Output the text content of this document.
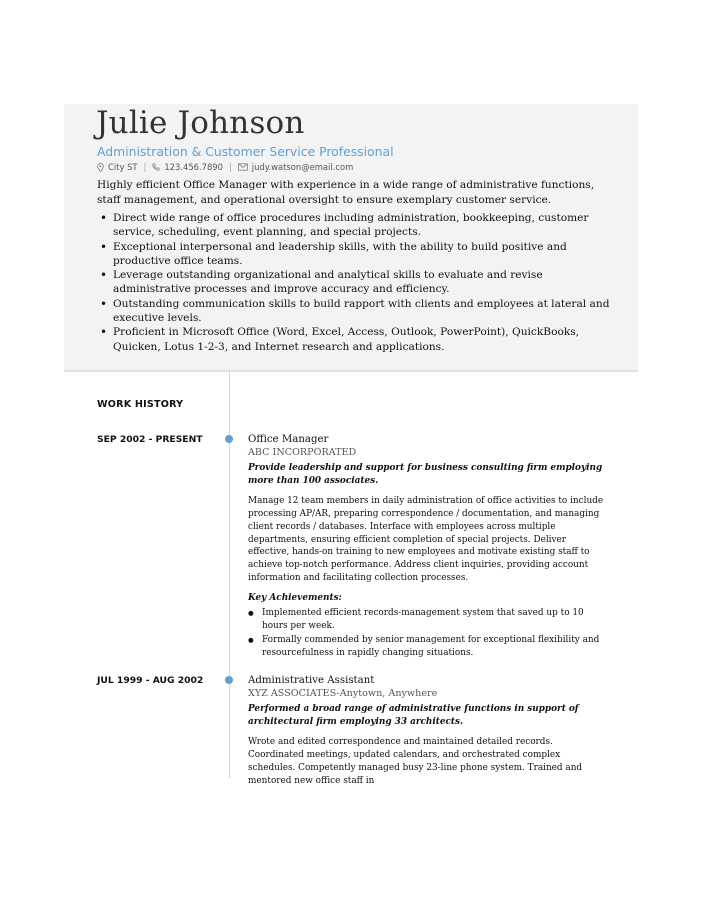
Julie Johnson
Administration & Customer Service Professional
City ST | 123.456.7890 | judy.watson@email.com
Highly efficient Office Manager with experience in a wide range of administrative functions, staff management, and operational oversight to ensure exemplary customer service.
• Direct wide range of office procedures including administration, bookkeeping, customer service, scheduling, event planning, and special projects.
• Exceptional interpersonal and leadership skills, with the ability to build positive and productive office teams.
• Leverage outstanding organizational and analytical skills to evaluate and revise administrative processes and improve accuracy and efficiency.
• Outstanding communication skills to build rapport with clients and employees at lateral and executive levels.
• Proficient in Microsoft Office (Word, Excel, Access, Outlook, PowerPoint), QuickBooks, Quicken, Lotus 1-2-3, and Internet research and applications.
WORK HISTORY
SEP 2002 - PRESENT	Office Manager
ABC INCORPORATED
Provide leadership and support for business consulting firm employing more than 100 associates.
Manage 12 team members in daily administration of office activities to include processing AP/AR, preparing correspondence / documentation, and managing client records / databases. Interface with employees across multiple departments, ensuring efficient completion of special projects. Deliver effective, hands-on training to new employees and motivate existing staff to achieve top-notch performance. Address client inquiries, providing account information and facilitating collection processes.
Key Achievements:
● Implemented efficient records-management system that saved up to 10 hours per week.
● Formally commended by senior management for exceptional flexibility and resourcefulness in rapidly changing situations.
JUL 1999 - AUG 2002	Administrative Assistant
XYZ ASSOCIATES-Anytown, Anywhere
Performed a broad range of administrative functions in support of architectural firm employing 33 architects.
Wrote and edited correspondence and maintained detailed records. Coordinated meetings, updated calendars, and orchestrated complex schedules. Competently managed busy 23-line phone system. Trained and mentored new office staff in
